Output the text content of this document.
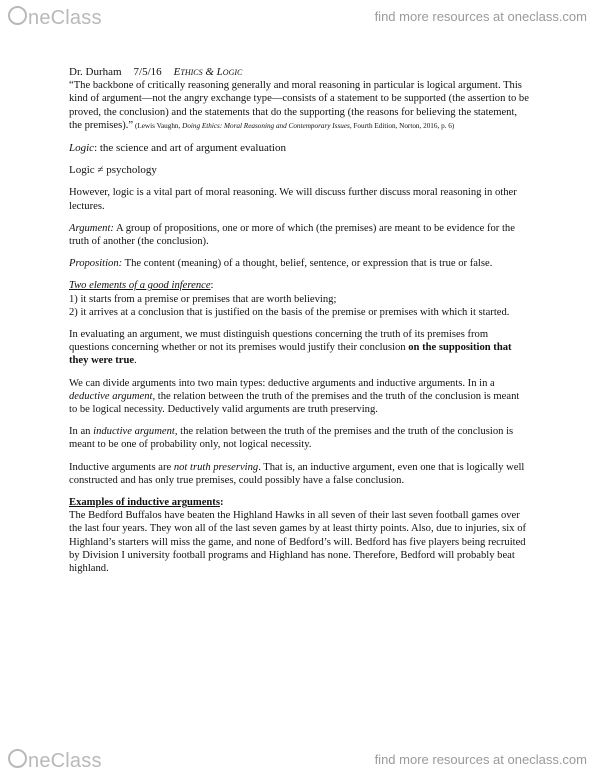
neClass	find more resources at oneclass.com

Dr. Durham 7/5/16 Ethics & Logic

“The backbone of critically reasoning generally and moral reasoning in particular is logical argument. This kind of argument—not the angry exchange type—consists of a statement to be supported (the assertion to be proved, the conclusion) and the statements that do the supporting (the reasons for believing the statement, the premises).” (Lewis Vaughn, Doing Ethics: Moral Reasoning and Contemporary Issues, Fourth Edition, Norton, 2016, p. 6)

Logic: the science and art of argument evaluation

Logic ≠ psychology

However, logic is a vital part of moral reasoning. We will discuss further discuss moral reasoning in other lectures.

Argument: A group of propositions, one or more of which (the premises) are meant to be evidence for the truth of another (the conclusion).

Proposition: The content (meaning) of a thought, belief, sentence, or expression that is true or false.

Two elements of a good inference:

1) it starts from a premise or premises that are worth believing;

2) it arrives at a conclusion that is justified on the basis of the premise or premises with which it started.

In evaluating an argument, we must distinguish questions concerning the truth of its premises from questions concerning whether or not its premises would justify their conclusion on the supposition that they were true.

We can divide arguments into two main types: deductive arguments and inductive arguments. In in a deductive argument, the relation between the truth of the premises and the truth of the conclusion is meant to be logical necessity. Deductively valid arguments are truth preserving.

In an inductive argument, the relation between the truth of the premises and the truth of the conclusion is meant to be one of probability only, not logical necessity.

Inductive arguments are not truth preserving. That is, an inductive argument, even one that is logically well constructed and has only true premises, could possibly have a false conclusion.

Examples of inductive arguments:

The Bedford Buffalos have beaten the Highland Hawks in all seven of their last seven football games over the last four years. They won all of the last seven games by at least thirty points. Also, due to injuries, six of Highland’s starters will miss the game, and none of Bedford’s will. Bedford has five players being recruited by Division I university football programs and Highland has none. Therefore, Bedford will probably beat highland.

neClass	find more resources at oneclass.com
